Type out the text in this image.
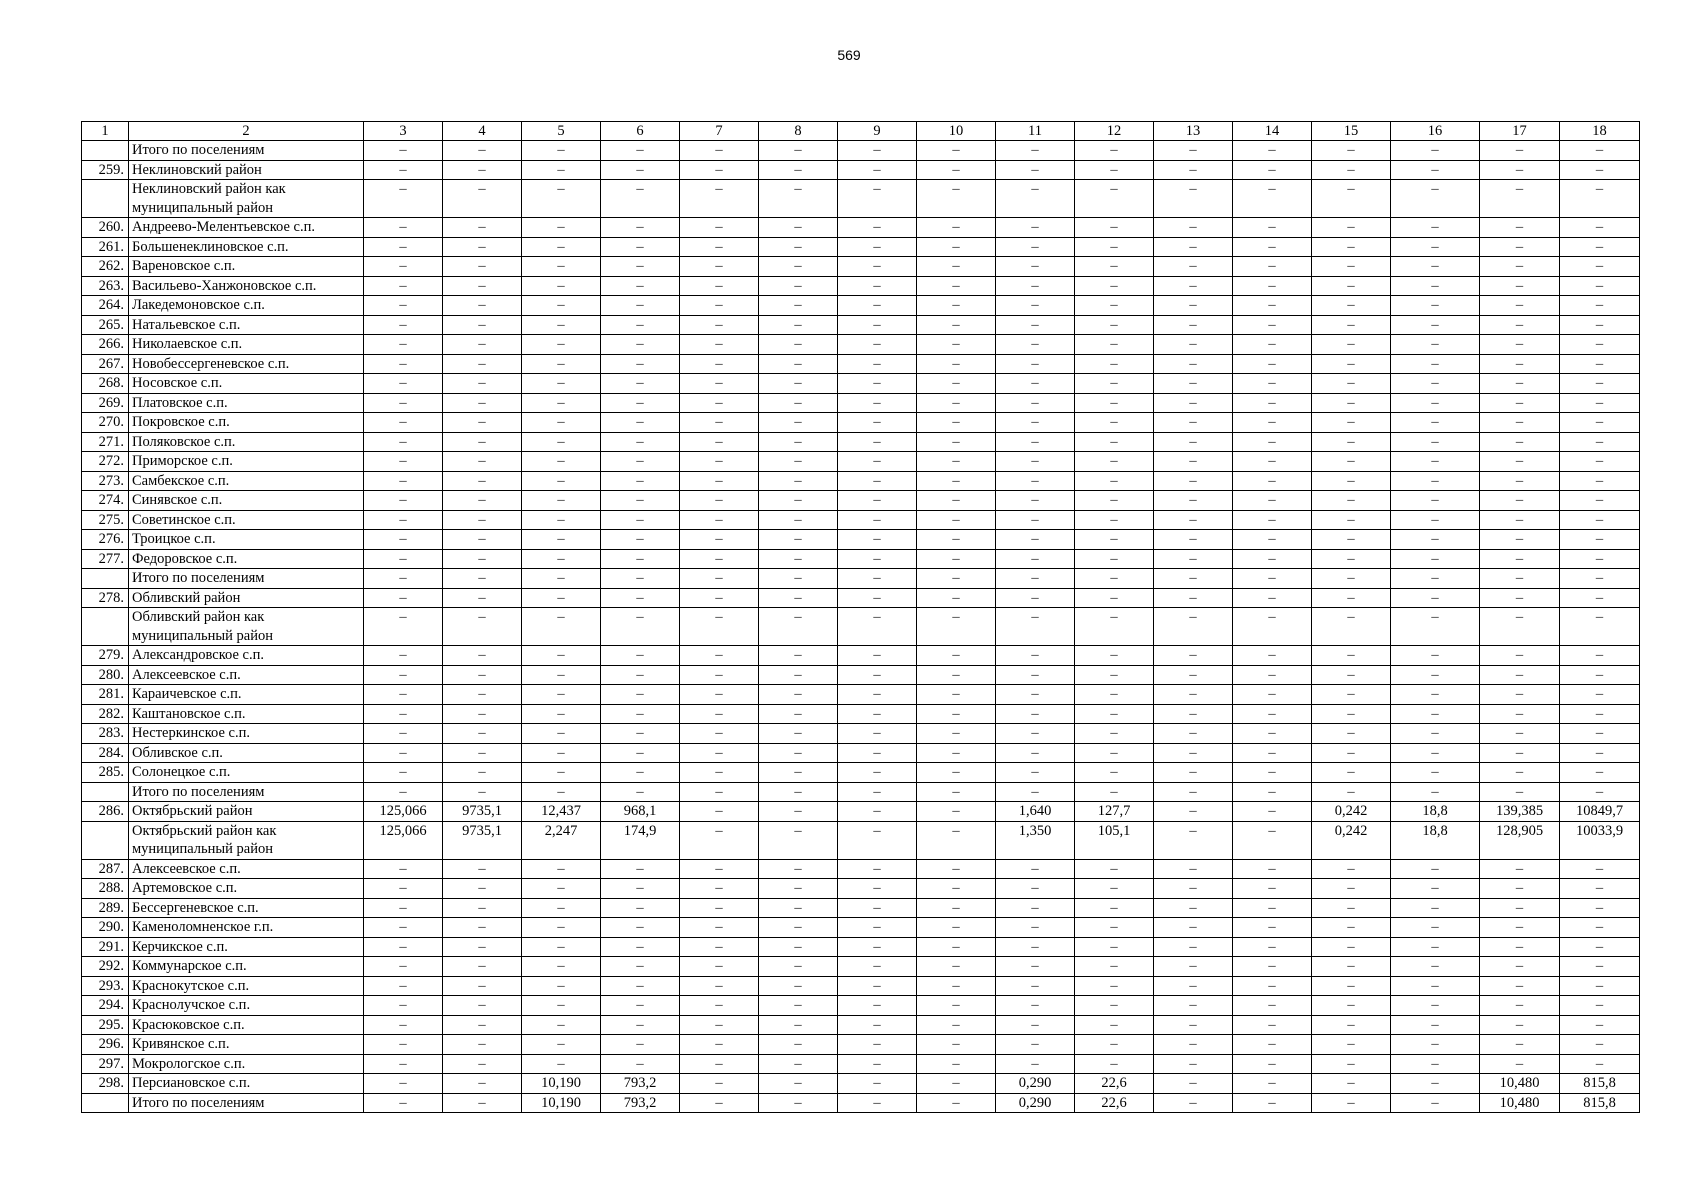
569
1	2	3	4	5	6	7	8	9	10	11	12	13	14	15	16	17	18
	Итого по поселениям	–	–	–	–	–	–	–	–	–	–	–	–	–	–	–	–
259.	Неклиновский район	–	–	–	–	–	–	–	–	–	–	–	–	–	–	–	–
	Неклиновский район как муниципальный район	–	–	–	–	–	–	–	–	–	–	–	–	–	–	–	–
260.	Андреево-Мелентьевское с.п.	–	–	–	–	–	–	–	–	–	–	–	–	–	–	–	–
261.	Большенеклиновское с.п.	–	–	–	–	–	–	–	–	–	–	–	–	–	–	–	–
262.	Вареновское с.п.	–	–	–	–	–	–	–	–	–	–	–	–	–	–	–	–
263.	Васильево-Ханжоновское с.п.	–	–	–	–	–	–	–	–	–	–	–	–	–	–	–	–
264.	Лакедемоновское с.п.	–	–	–	–	–	–	–	–	–	–	–	–	–	–	–	–
265.	Натальевское с.п.	–	–	–	–	–	–	–	–	–	–	–	–	–	–	–	–
266.	Николаевское с.п.	–	–	–	–	–	–	–	–	–	–	–	–	–	–	–	–
267.	Новобессергеневское с.п.	–	–	–	–	–	–	–	–	–	–	–	–	–	–	–	–
268.	Носовское с.п.	–	–	–	–	–	–	–	–	–	–	–	–	–	–	–	–
269.	Платовское с.п.	–	–	–	–	–	–	–	–	–	–	–	–	–	–	–	–
270.	Покровское с.п.	–	–	–	–	–	–	–	–	–	–	–	–	–	–	–	–
271.	Поляковское с.п.	–	–	–	–	–	–	–	–	–	–	–	–	–	–	–	–
272.	Приморское с.п.	–	–	–	–	–	–	–	–	–	–	–	–	–	–	–	–
273.	Самбекское с.п.	–	–	–	–	–	–	–	–	–	–	–	–	–	–	–	–
274.	Синявское с.п.	–	–	–	–	–	–	–	–	–	–	–	–	–	–	–	–
275.	Советинское с.п.	–	–	–	–	–	–	–	–	–	–	–	–	–	–	–	–
276.	Троицкое с.п.	–	–	–	–	–	–	–	–	–	–	–	–	–	–	–	–
277.	Федоровское с.п.	–	–	–	–	–	–	–	–	–	–	–	–	–	–	–	–
	Итого по поселениям	–	–	–	–	–	–	–	–	–	–	–	–	–	–	–	–
278.	Обливский район	–	–	–	–	–	–	–	–	–	–	–	–	–	–	–	–
	Обливский район как муниципальный район	–	–	–	–	–	–	–	–	–	–	–	–	–	–	–	–
279.	Александровское с.п.	–	–	–	–	–	–	–	–	–	–	–	–	–	–	–	–
280.	Алексеевское с.п.	–	–	–	–	–	–	–	–	–	–	–	–	–	–	–	–
281.	Караичевское с.п.	–	–	–	–	–	–	–	–	–	–	–	–	–	–	–	–
282.	Каштановское с.п.	–	–	–	–	–	–	–	–	–	–	–	–	–	–	–	–
283.	Нестеркинское с.п.	–	–	–	–	–	–	–	–	–	–	–	–	–	–	–	–
284.	Обливское с.п.	–	–	–	–	–	–	–	–	–	–	–	–	–	–	–	–
285.	Солонецкое с.п.	–	–	–	–	–	–	–	–	–	–	–	–	–	–	–	–
	Итого по поселениям	–	–	–	–	–	–	–	–	–	–	–	–	–	–	–	–
286.	Октябрьский район	125,066	9735,1	12,437	968,1	–	–	–	–	1,640	127,7	–	–	0,242	18,8	139,385	10849,7
	Октябрьский район как муниципальный район	125,066	9735,1	2,247	174,9	–	–	–	–	1,350	105,1	–	–	0,242	18,8	128,905	10033,9
287.	Алексеевское с.п.	–	–	–	–	–	–	–	–	–	–	–	–	–	–	–	–
288.	Артемовское с.п.	–	–	–	–	–	–	–	–	–	–	–	–	–	–	–	–
289.	Бессергеневское с.п.	–	–	–	–	–	–	–	–	–	–	–	–	–	–	–	–
290.	Каменоломненское г.п.	–	–	–	–	–	–	–	–	–	–	–	–	–	–	–	–
291.	Керчикское с.п.	–	–	–	–	–	–	–	–	–	–	–	–	–	–	–	–
292.	Коммунарское с.п.	–	–	–	–	–	–	–	–	–	–	–	–	–	–	–	–
293.	Краснокутское с.п.	–	–	–	–	–	–	–	–	–	–	–	–	–	–	–	–
294.	Краснолучское с.п.	–	–	–	–	–	–	–	–	–	–	–	–	–	–	–	–
295.	Красюковское с.п.	–	–	–	–	–	–	–	–	–	–	–	–	–	–	–	–
296.	Кривянское с.п.	–	–	–	–	–	–	–	–	–	–	–	–	–	–	–	–
297.	Мокрологское с.п.	–	–	–	–	–	–	–	–	–	–	–	–	–	–	–	–
298.	Персиановское с.п.	–	–	10,190	793,2	–	–	–	–	0,290	22,6	–	–	–	–	10,480	815,8
	Итого по поселениям	–	–	10,190	793,2	–	–	–	–	0,290	22,6	–	–	–	–	10,480	815,8
